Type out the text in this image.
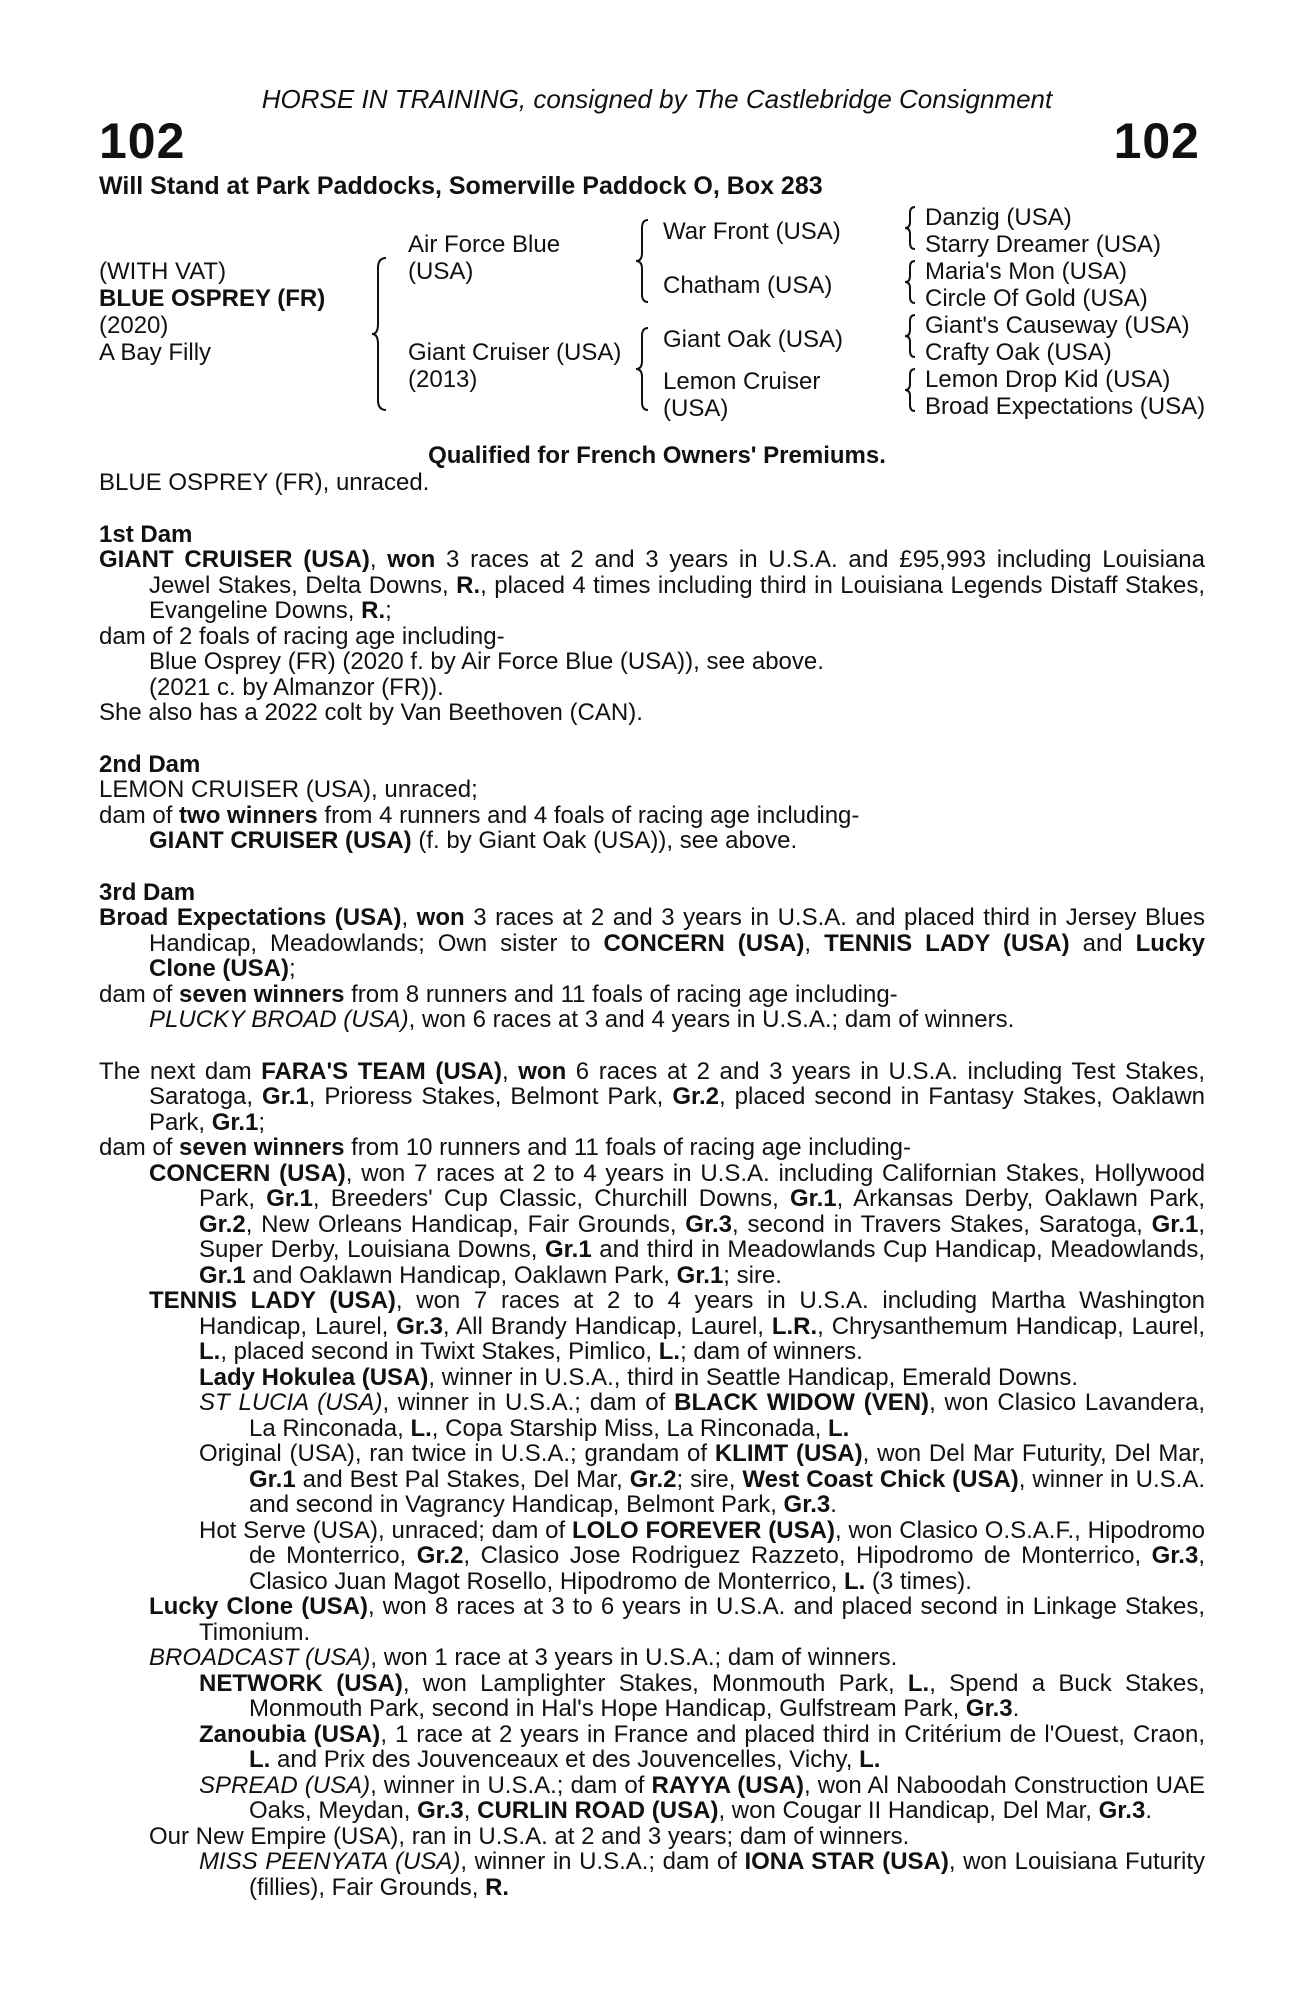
HORSE IN TRAINING, consigned by The Castlebridge Consignment
102	102
Will Stand at Park Paddocks, Somerville Paddock O, Box 283
(WITH VAT)
BLUE OSPREY (FR)
(2020)
A Bay Filly
Air Force Blue
(USA)
Giant Cruiser (USA)
(2013)
War Front (USA)
Chatham (USA)
Giant Oak (USA)
Lemon Cruiser
(USA)
Danzig (USA)
Starry Dreamer (USA)
Maria's Mon (USA)
Circle Of Gold (USA)
Giant's Causeway (USA)
Crafty Oak (USA)
Lemon Drop Kid (USA)
Broad Expectations (USA)
Qualified for French Owners' Premiums.

BLUE OSPREY (FR), unraced.

1st Dam

GIANT CRUISER (USA), won 3 races at 2 and 3 years in U.S.A. and £95,993 including Louisiana Jewel Stakes, Delta Downs, R., placed 4 times including third in Louisiana Legends Distaff Stakes, Evangeline Downs, R.;

dam of 2 foals of racing age including-

Blue Osprey (FR) (2020 f. by Air Force Blue (USA)), see above.

(2021 c. by Almanzor (FR)).

She also has a 2022 colt by Van Beethoven (CAN).

2nd Dam

LEMON CRUISER (USA), unraced;

dam of two winners from 4 runners and 4 foals of racing age including-

GIANT CRUISER (USA) (f. by Giant Oak (USA)), see above.

3rd Dam

Broad Expectations (USA), won 3 races at 2 and 3 years in U.S.A. and placed third in Jersey Blues Handicap, Meadowlands; Own sister to CONCERN (USA), TENNIS LADY (USA) and Lucky Clone (USA);

dam of seven winners from 8 runners and 11 foals of racing age including-

PLUCKY BROAD (USA), won 6 races at 3 and 4 years in U.S.A.; dam of winners.

The next dam FARA'S TEAM (USA), won 6 races at 2 and 3 years in U.S.A. including Test Stakes, Saratoga, Gr.1, Prioress Stakes, Belmont Park, Gr.2, placed second in Fantasy Stakes, Oaklawn Park, Gr.1;

dam of seven winners from 10 runners and 11 foals of racing age including-

CONCERN (USA), won 7 races at 2 to 4 years in U.S.A. including Californian Stakes, Hollywood Park, Gr.1, Breeders' Cup Classic, Churchill Downs, Gr.1, Arkansas Derby, Oaklawn Park, Gr.2, New Orleans Handicap, Fair Grounds, Gr.3, second in Travers Stakes, Saratoga, Gr.1, Super Derby, Louisiana Downs, Gr.1 and third in Meadowlands Cup Handicap, Meadowlands, Gr.1 and Oaklawn Handicap, Oaklawn Park, Gr.1; sire.

TENNIS LADY (USA), won 7 races at 2 to 4 years in U.S.A. including Martha Washington Handicap, Laurel, Gr.3, All Brandy Handicap, Laurel, L.R., Chrysanthemum Handicap, Laurel, L., placed second in Twixt Stakes, Pimlico, L.; dam of winners.

Lady Hokulea (USA), winner in U.S.A., third in Seattle Handicap, Emerald Downs.

ST LUCIA (USA), winner in U.S.A.; dam of BLACK WIDOW (VEN), won Clasico Lavandera, La Rinconada, L., Copa Starship Miss, La Rinconada, L.

Original (USA), ran twice in U.S.A.; grandam of KLIMT (USA), won Del Mar Futurity, Del Mar, Gr.1 and Best Pal Stakes, Del Mar, Gr.2; sire, West Coast Chick (USA), winner in U.S.A. and second in Vagrancy Handicap, Belmont Park, Gr.3.

Hot Serve (USA), unraced; dam of LOLO FOREVER (USA), won Clasico O.S.A.F., Hipodromo de Monterrico, Gr.2, Clasico Jose Rodriguez Razzeto, Hipodromo de Monterrico, Gr.3, Clasico Juan Magot Rosello, Hipodromo de Monterrico, L. (3 times).

Lucky Clone (USA), won 8 races at 3 to 6 years in U.S.A. and placed second in Linkage Stakes, Timonium.

BROADCAST (USA), won 1 race at 3 years in U.S.A.; dam of winners.

NETWORK (USA), won Lamplighter Stakes, Monmouth Park, L., Spend a Buck Stakes, Monmouth Park, second in Hal's Hope Handicap, Gulfstream Park, Gr.3.

Zanoubia (USA), 1 race at 2 years in France and placed third in Critérium de l'Ouest, Craon, L. and Prix des Jouvenceaux et des Jouvencelles, Vichy, L.

SPREAD (USA), winner in U.S.A.; dam of RAYYA (USA), won Al Naboodah Construction UAE Oaks, Meydan, Gr.3, CURLIN ROAD (USA), won Cougar II Handicap, Del Mar, Gr.3.

Our New Empire (USA), ran in U.S.A. at 2 and 3 years; dam of winners.

MISS PEENYATA (USA), winner in U.S.A.; dam of IONA STAR (USA), won Louisiana Futurity (fillies), Fair Grounds, R.
